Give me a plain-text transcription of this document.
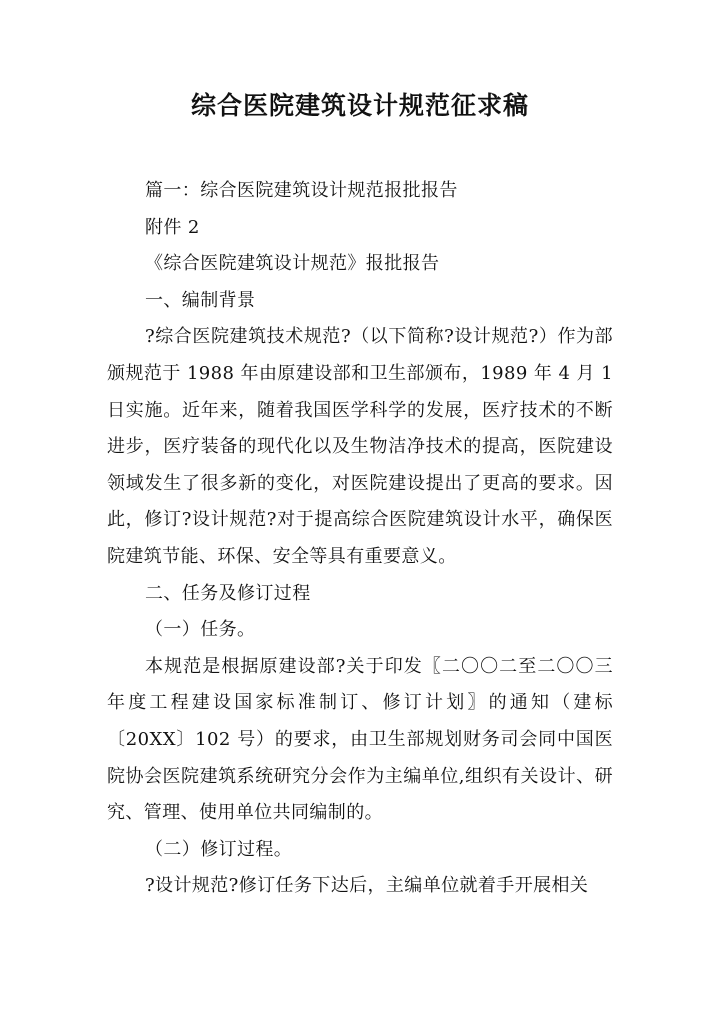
综合医院建筑设计规范征求稿

篇一：综合医院建筑设计规范报批报告

附件 2

《综合医院建筑设计规范》报批报告

一、编制背景

?综合医院建筑技术规范?（以下简称?设计规范?）作为部颁规范于 1988 年由原建设部和卫生部颁布，1989 年 4 月 1 日实施。近年来，随着我国医学科学的发展，医疗技术的不断进步，医疗装备的现代化以及生物洁净技术的提高，医院建设领域发生了很多新的变化，对医院建设提出了更高的要求。因此，修订?设计规范?对于提高综合医院建筑设计水平，确保医院建筑节能、环保、安全等具有重要意义。

二、任务及修订过程

（一）任务。

本规范是根据原建设部?关于印发〖二〇〇二至二〇〇三年度工程建设国家标准制订、修订计划〗的通知（建标〔20XX〕102 号）的要求，由卫生部规划财务司会同中国医院协会医院建筑系统研究分会作为主编单位,组织有关设计、研究、管理、使用单位共同编制的。

（二）修订过程。

?设计规范?修订任务下达后，主编单位就着手开展相关
